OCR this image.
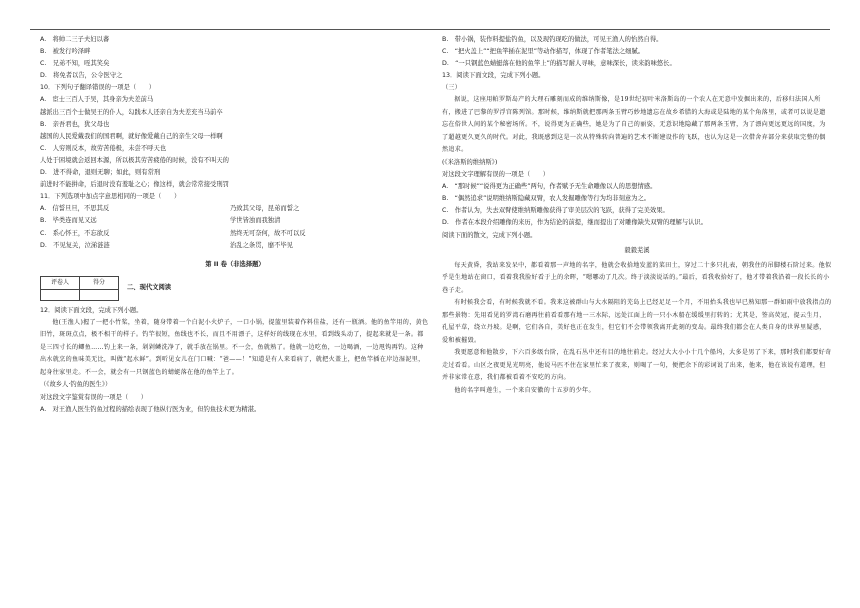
A.　将帅二三子夫妇以蕃
B.　被发行吟泽畔
C.　兄弟不知，咥其笑矣
D.　将免者以告，公令医守之
10．下列句子翻译错误的一项是（　　）
A.　宦士三百人于吴，其身亲为夫差前马
越派出三百个士做吴王的仆人，勾践本人还亲自为夫差充当马前卒
B.　亲吾君也，犹父母也
越国的人民爱戴我们的国君啊，就好像爱戴自己的亲生父母一样啊
C.　人穷则反本，故劳苦倦极，未尝不呼天也
人处于困境就会返回本源，所以极其劳苦疲倦的时候，没有不叫天的
D.　进不得命，退则无聊；如此，则有常刑
前进时不能拼命，后退时没有羞耻之心；像这样，就会常常接受刑罚
11．下列选项中加点字意思相同的一项是（　　）
A.　信誓旦旦，不思其反	乃致其父母，昆弟而誓之
B.　毕类连而见又远	学世皆浊而我独清
C.　系心怀王，不忘欲反	然终无可奈何，故不可以反
D.　不见复关，泣涕涟涟	治乱之条贯，靡不毕见
第 II 卷（非选择题）
评卷人	得分

二、现代文阅读
12．阅读下面文段，完成下列小题。
他(王渔人)握了一把小竹桨，坐着，随身带着一个白泥小火炉子，一口小锅，提篮里装着作料佳盐，还有一瓶酒。他的鱼竿用的，黄色旧竹，斑斑点点，极不相干的样子。钓竿很短，鱼线也不长，而且不用漂子，这样好的线现在水里，看到线头动了，提起来就是一条。都是三四寸长的鲫鱼……钓上来一条，剁剁鳞洗净了，就手放在锅里。不一会，鱼就熟了。他就一边吃鱼，一边喝酒，一边甩钩再钓。这种出水就烹的鱼味美无比，叫做“起水鲜”。到听见女儿在门口喊：“爸——！”知道是有人来看病了，就把火盖上，把鱼竿插在岸边湿泥里，起身往家里走。不一会，就会有一只钢蓝色的蜻蜓落在他的鱼竿上了。
（《故乡人·钓鱼的医生》）
对这段文字鉴赏有误的一项是（　　）
A.　对王渔人医生钓鱼过程的描绘表现了他纵行医为业，但钓鱼技术更为精湛。
B.　带小锅，装作料提盐钓鱼，以及现钓现吃的做法，可见王渔人的怡然自得。
C.　“把火盖上”“把鱼竿插在泥里”等动作描写，体现了作者笔法之细腻。
D.　“一只钢蓝色蜻蜓落在他的鱼竿上”的描写耐人寻味，意味深长，读来韵味悠长。
13．阅读下面文段，完成下列小题。
（三）
据说，这座用帕罗斯岛产的大理石雕刻而成的维纳斯像，是19世纪初叶米洛斯岛的一个农人在无意中发掘出来的，后移归法国人所有，搬进了巴黎的罗浮宫陈列馆。那时候，维纳斯就把那两条玉臂巧妙地遗忘在故乡希腊的大海或是陆地的某个角落里，或者可以说是遗忘在俗世人间的某个秘密场所。不，说得更为正确些，她是为了自己的丽姿，无意识地隐藏了那两条玉臂，为了漂向更远更远的国度，为了超越更久更久的时代。对此，我既感到这是一次从特殊转向普遍的艺术不断建设作的飞跃，也认为这是一次借舍弃部分来获取完整的偶然追求。
(《米洛斯的维纳斯》)
对这段文字理解有误的一项是（　　）
A.　“那时候”“说得更为正确些”两句，作者赋予无生命雕像以人的思想情感。
B.　“偶然追求”说明维纳斯隐藏双臂，农人发掘雕像等行为均非刻意为之。
C.　作者认为，失去双臂使维纳斯雕像获得了审美层次的飞跃，获得了完美效果。
D.　作者在本段介绍雕像的来历，作为结论的前提，继而提出了对雕像缺失双臂的理解与认识。
阅读下面的散文，完成下列小题。
毅毅芜溪
每天黄昏，我站来发呆中，都看着那一声地的名字，他就会收拾地发蓝的菜田土，穿过二十多只扎表，朝我住的吊脚楼石阶过来。他似乎是生地站在窗口，看着我我脸好看于上的余晖，“嗯哪动了几次。终于淡淡说话的。”最后，看我收拾好了，他才带着我沿着一段长长的小巷子走。
有时候我会看，有时候我就不看。我来这被群山与大水隔阻的芜岛上已经足足一个月，不用抬头我也早已熟知那一群如雨中放我指点的那些景物：先用看见的罗湾石磨再往前看看那有地一三水际，远处江面上的一只小木船在缓缓里打转的；尤其是，签高荧冠，提云生月，孔屋平草，绕立丹坡。是啊，它们各自，美好也正在发生，但它们不会带领我离开此刻的变岛。最终我们都会在人类自身的世界里疑惑，爱和被摧毁。
我更愿意和他散步，下六百多级台阶，在乱石丛中还有目的地往前走。经过大大小小十几个船坞，大多是男了下来，那时我们都要好奇走过看看。山区之夜更见光明亮，他说马匹不住在家里忙来了夜来，则喝了一句，便把余下的彩词说了出来，他来，他在该说有道理，但并非家常在意，我们都被看着不安吃的方向。
他的名字叫莲生，一个来自安徽的十五岁的少年。
